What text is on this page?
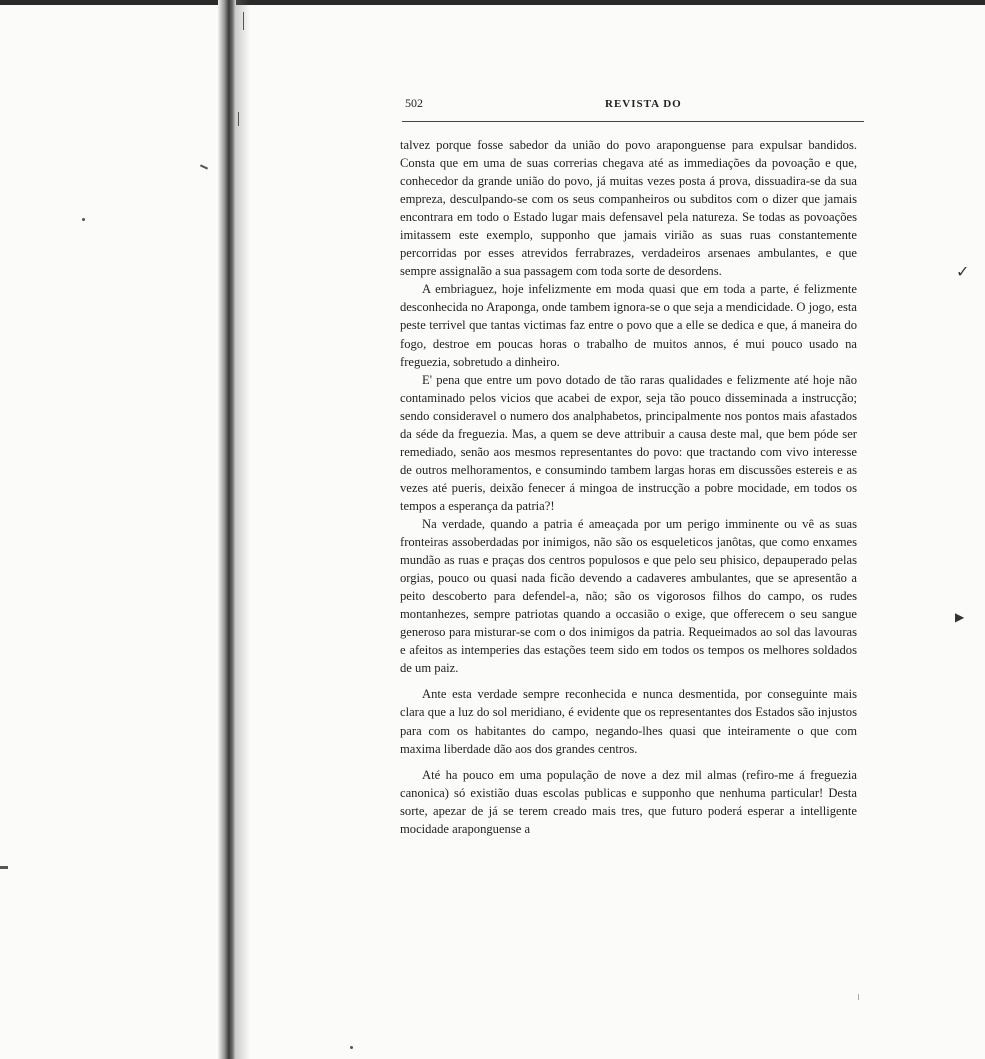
✓
▶
502	REVISTA DO

talvez porque fosse sabedor da união do povo araponguense para expulsar bandidos. Consta que em uma de suas correrias chegava até as immediações da povoação e que, conhecedor da grande união do povo, já muitas vezes posta á prova, dissuadira-se da sua empreza, desculpando-se com os seus companheiros ou subditos com o dizer que jamais encontrara em todo o Estado lugar mais defensavel pela natureza. Se todas as povoações imitassem este exemplo, supponho que jamais virião as suas ruas constantemente percorridas por esses atrevidos ferrabrazes, verdadeiros arsenaes ambulantes, e que sempre assignalão a sua passagem com toda sorte de desordens.

A embriaguez, hoje infelizmente em moda quasi que em toda a parte, é felizmente desconhecida no Araponga, onde tambem ignora-se o que seja a mendicidade. O jogo, esta peste terrivel que tantas victimas faz entre o povo que a elle se dedica e que, á maneira do fogo, destroe em poucas horas o trabalho de muitos annos, é mui pouco usado na freguezia, sobretudo a dinheiro.

E' pena que entre um povo dotado de tão raras qualidades e felizmente até hoje não contaminado pelos vicios que acabei de expor, seja tão pouco disseminada a instrucção; sendo consideravel o numero dos analphabetos, principalmente nos pontos mais afastados da séde da freguezia. Mas, a quem se deve attribuir a causa deste mal, que bem póde ser remediado, senão aos mesmos representantes do povo: que tractando com vivo interesse de outros melhoramentos, e consumindo tambem largas horas em discussões estereis e as vezes até pueris, deixão fenecer á mingoa de instrucção a pobre mocidade, em todos os tempos a esperança da patria?!

Na verdade, quando a patria é ameaçada por um perigo imminente ou vê as suas fronteiras assoberdadas por inimigos, não são os esqueleticos janôtas, que como enxames mundão as ruas e praças dos centros populosos e que pelo seu phisico, depauperado pelas orgias, pouco ou quasi nada ficão devendo a cadaveres ambulantes, que se apresentão a peito descoberto para defendel-a, não; são os vigorosos filhos do campo, os rudes montanhezes, sempre patriotas quando a occasião o exige, que offerecem o seu sangue generoso para misturar-se com o dos inimigos da patria. Requeimados ao sol das lavouras e afeitos as intemperies das estações teem sido em todos os tempos os melhores soldados de um paiz.

Ante esta verdade sempre reconhecida e nunca desmentida, por conseguinte mais clara que a luz do sol meridiano, é evidente que os representantes dos Estados são injustos para com os habitantes do campo, negando-lhes quasi que inteiramente o que com maxima liberdade dão aos dos grandes centros.

Até ha pouco em uma população de nove a dez mil almas (refiro-me á freguezia canonica) só existião duas escolas publicas e supponho que nenhuma particular! Desta sorte, apezar de já se terem creado mais tres, que futuro poderá esperar a intelligente mocidade araponguense a
